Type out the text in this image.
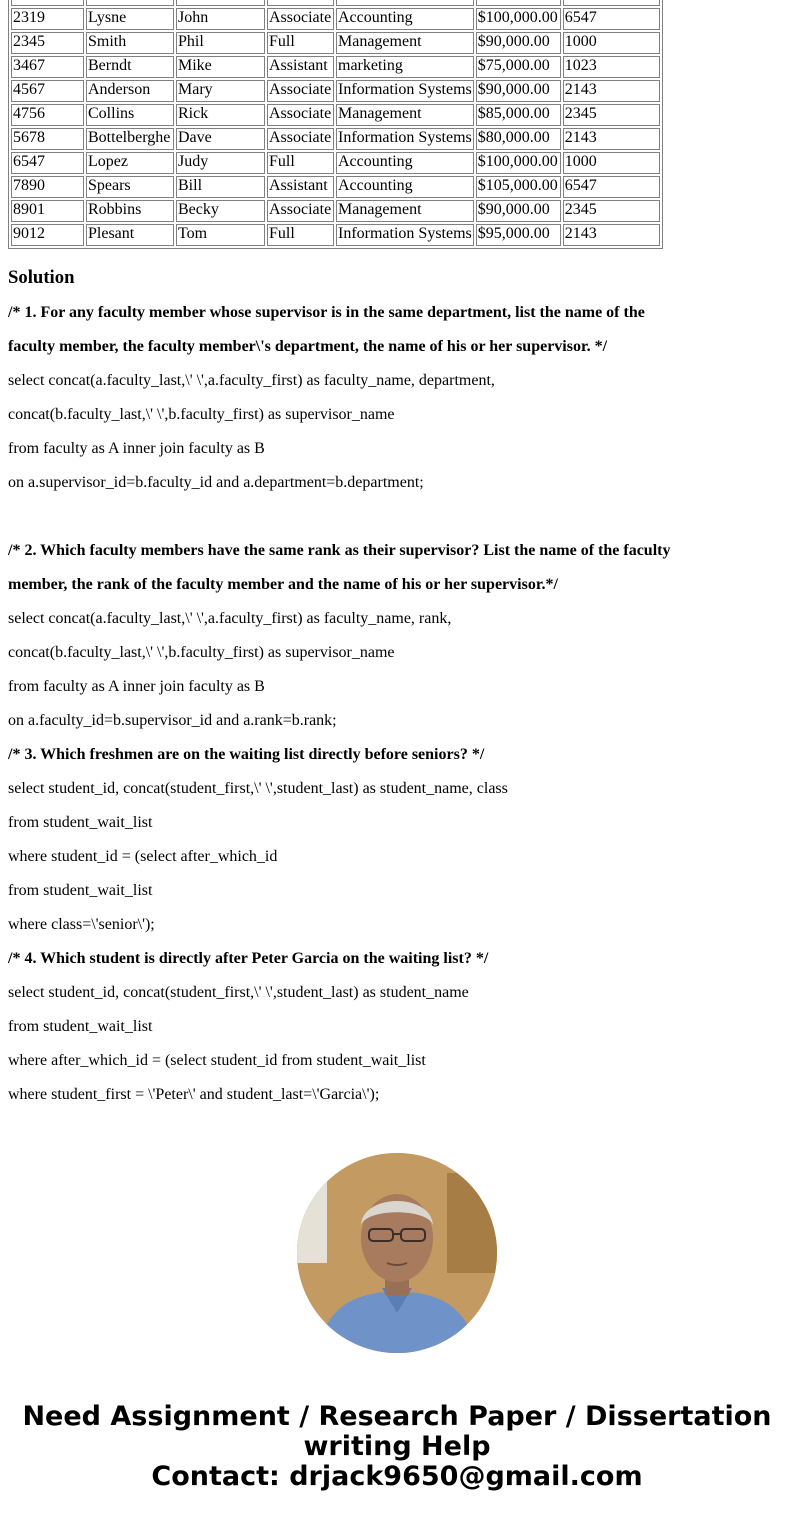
2319	Lysne	John	Associate	Accounting	$100,000.00	6547
2345	Smith	Phil	Full	Management	$90,000.00	1000
3467	Berndt	Mike	Assistant	marketing	$75,000.00	1023
4567	Anderson	Mary	Associate	Information Systems	$90,000.00	2143
4756	Collins	Rick	Associate	Management	$85,000.00	2345
5678	Bottelberghe	Dave	Associate	Information Systems	$80,000.00	2143
6547	Lopez	Judy	Full	Accounting	$100,000.00	1000
7890	Spears	Bill	Assistant	Accounting	$105,000.00	6547
8901	Robbins	Becky	Associate	Management	$90,000.00	2345
9012	Plesant	Tom	Full	Information Systems	$95,000.00	2143
Solution

/* 1. For any faculty member whose supervisor is in the same department, list the name of the

faculty member, the faculty member\'s department, the name of his or her supervisor. */

select concat(a.faculty_last,\' \',a.faculty_first) as faculty_name, department,

concat(b.faculty_last,\' \',b.faculty_first) as supervisor_name

from faculty as A inner join faculty as B

on a.supervisor_id=b.faculty_id and a.department=b.department;

/* 2. Which faculty members have the same rank as their supervisor? List the name of the faculty

member, the rank of the faculty member and the name of his or her supervisor.*/

select concat(a.faculty_last,\' \',a.faculty_first) as faculty_name, rank,

concat(b.faculty_last,\' \',b.faculty_first) as supervisor_name

from faculty as A inner join faculty as B

on a.faculty_id=b.supervisor_id and a.rank=b.rank;

/* 3. Which freshmen are on the waiting list directly before seniors? */

select student_id, concat(student_first,\' \',student_last) as student_name, class

from student_wait_list

where student_id = (select after_which_id

from student_wait_list

where class=\'senior\');

/* 4. Which student is directly after Peter Garcia on the waiting list? */

select student_id, concat(student_first,\' \',student_last) as student_name

from student_wait_list

where after_which_id = (select student_id from student_wait_list

where student_first = \'Peter\' and student_last=\'Garcia\');

Need Assignment / Research Paper / Dissertation
writing Help
Contact: drjack9650@gmail.com
